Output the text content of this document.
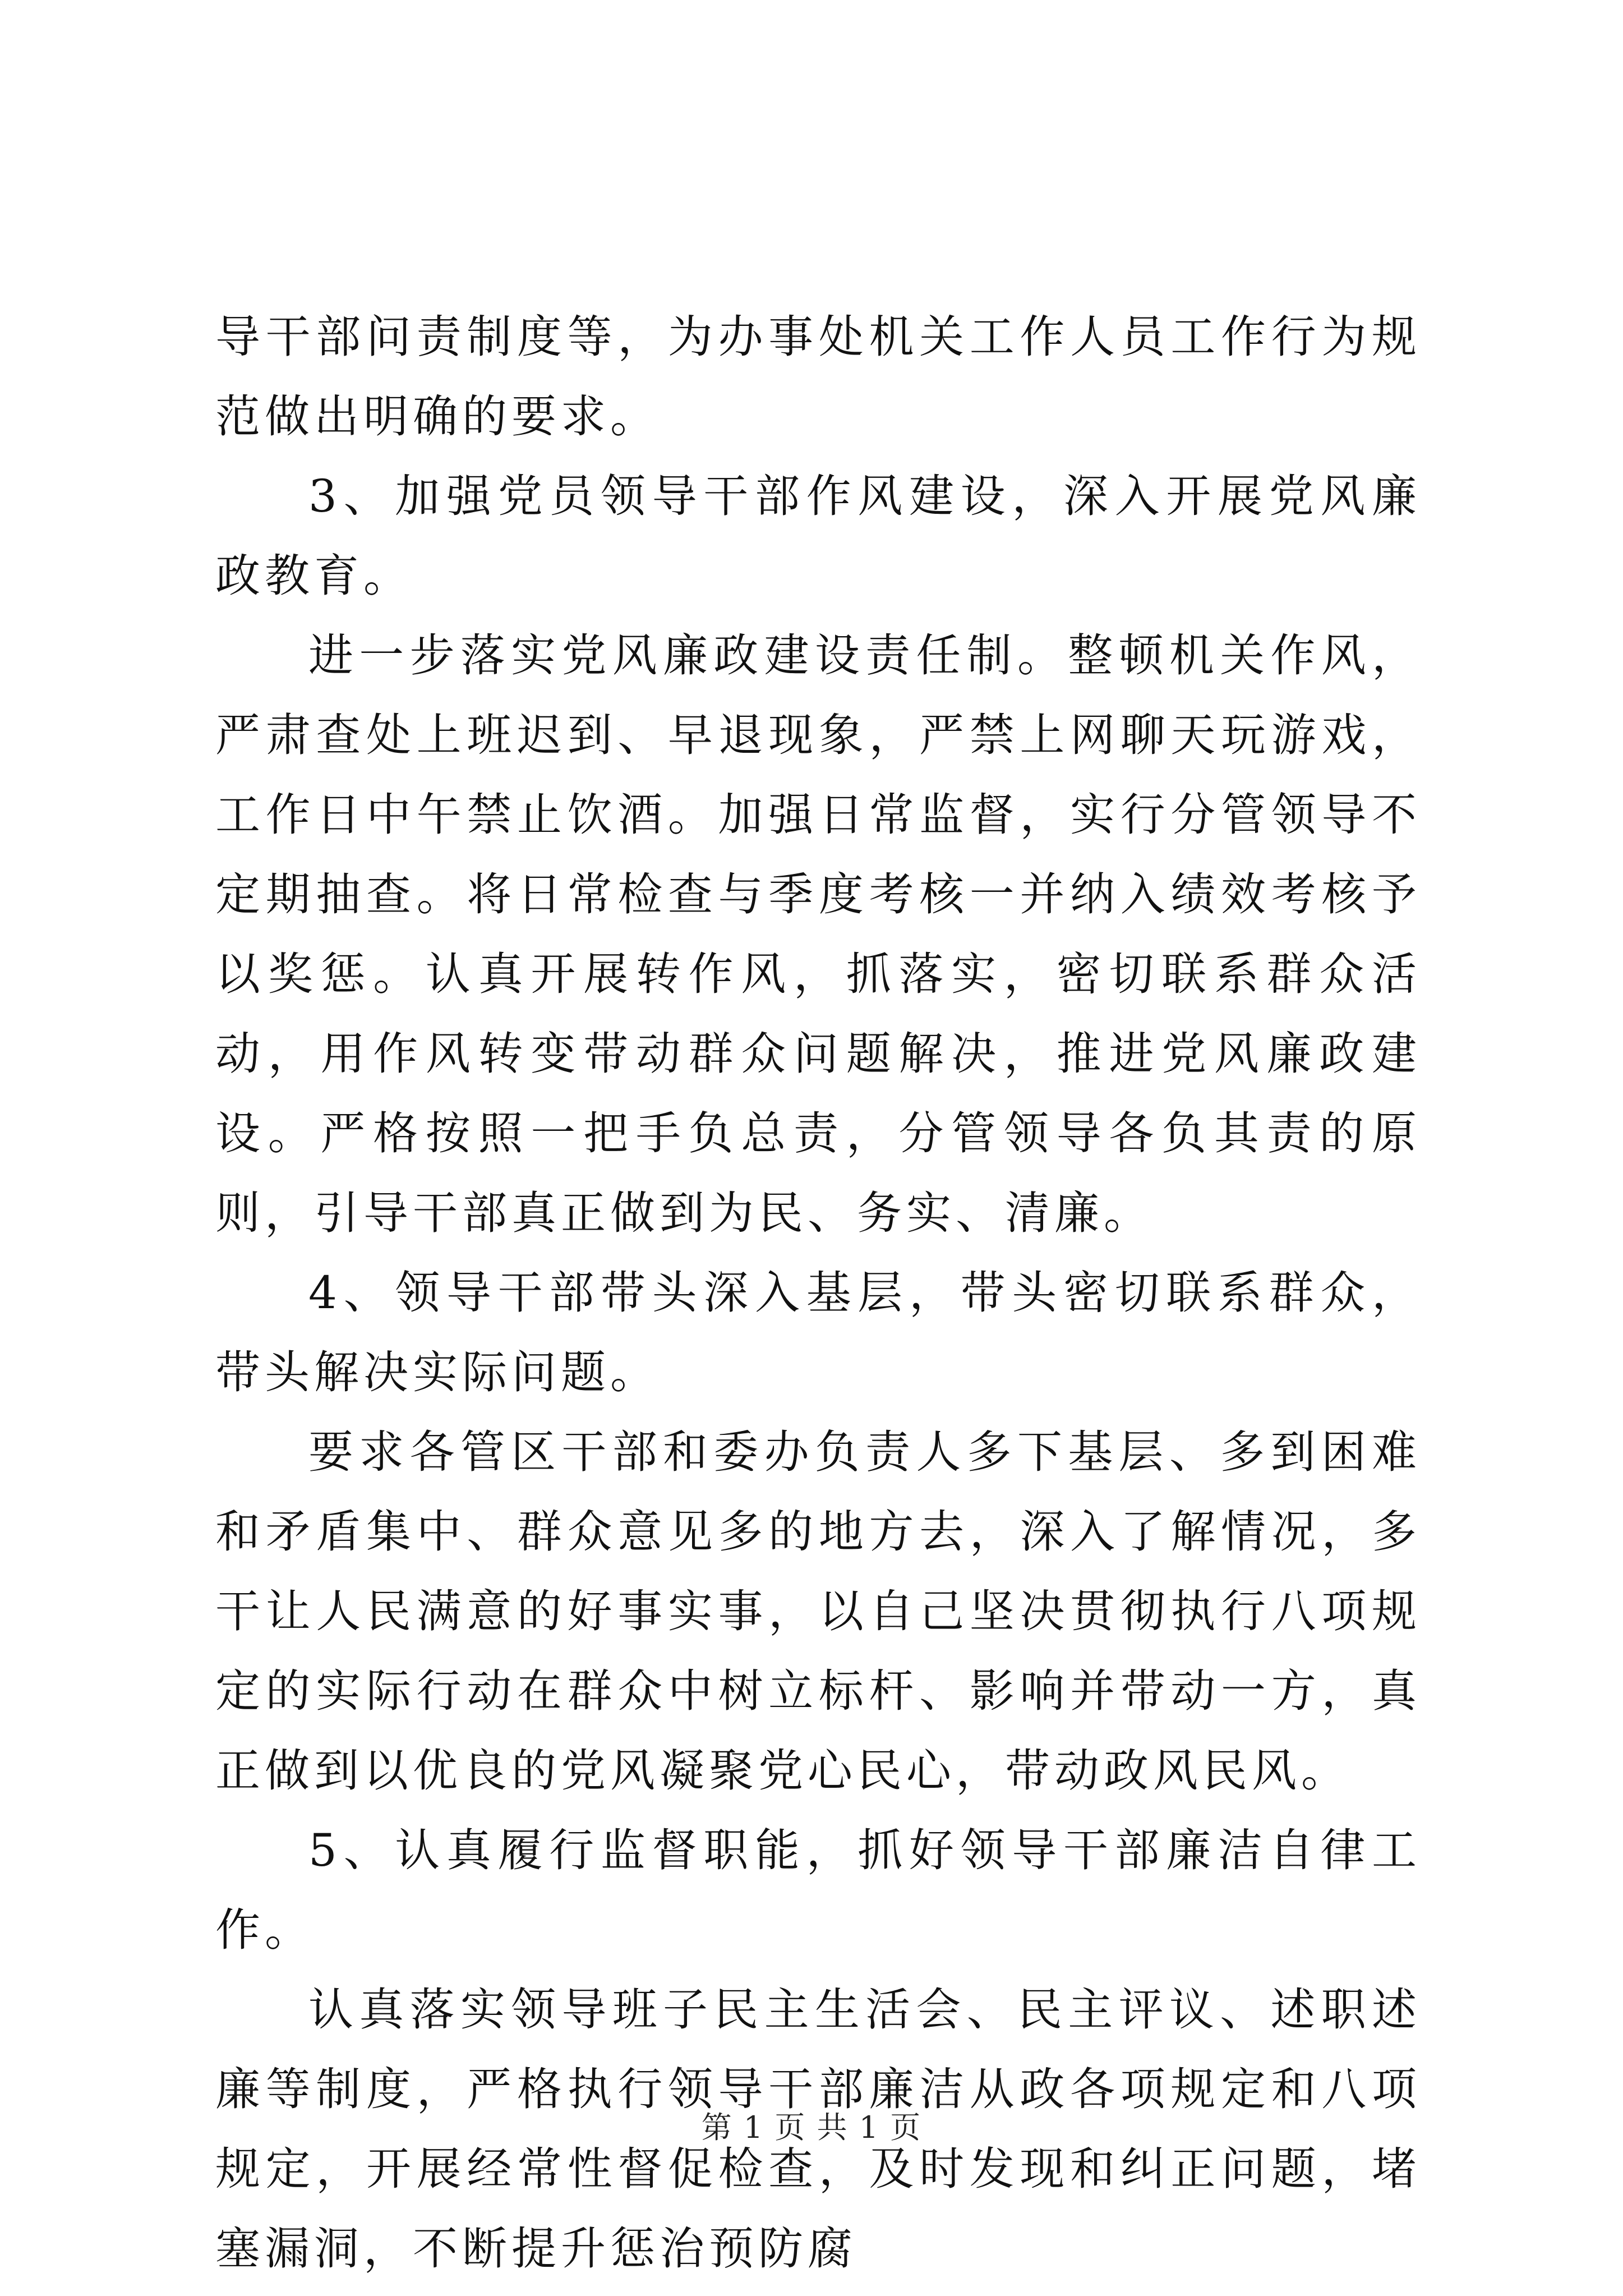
导干部问责制度等，为办事处机关工作人员工作行为规范做出明确的要求。

3、加强党员领导干部作风建设，深入开展党风廉政教育。

进一步落实党风廉政建设责任制。整顿机关作风，严肃查处上班迟到、早退现象，严禁上网聊天玩游戏，工作日中午禁止饮酒。加强日常监督，实行分管领导不定期抽查。将日常检查与季度考核一并纳入绩效考核予以奖惩。认真开展转作风，抓落实，密切联系群众活动，用作风转变带动群众问题解决，推进党风廉政建设。严格按照一把手负总责，分管领导各负其责的原则，引导干部真正做到为民、务实、清廉。

4、领导干部带头深入基层，带头密切联系群众，带头解决实际问题。

要求各管区干部和委办负责人多下基层、多到困难和矛盾集中、群众意见多的地方去，深入了解情况，多干让人民满意的好事实事，以自己坚决贯彻执行八项规定的实际行动在群众中树立标杆、影响并带动一方，真正做到以优良的党风凝聚党心民心，带动政风民风。

5、认真履行监督职能，抓好领导干部廉洁自律工作。

认真落实领导班子民主生活会、民主评议、述职述廉等制度，严格执行领导干部廉洁从政各项规定和八项规定，开展经常性督促检查，及时发现和纠正问题，堵塞漏洞，不断提升惩治预防腐

第 1 页 共 1 页
